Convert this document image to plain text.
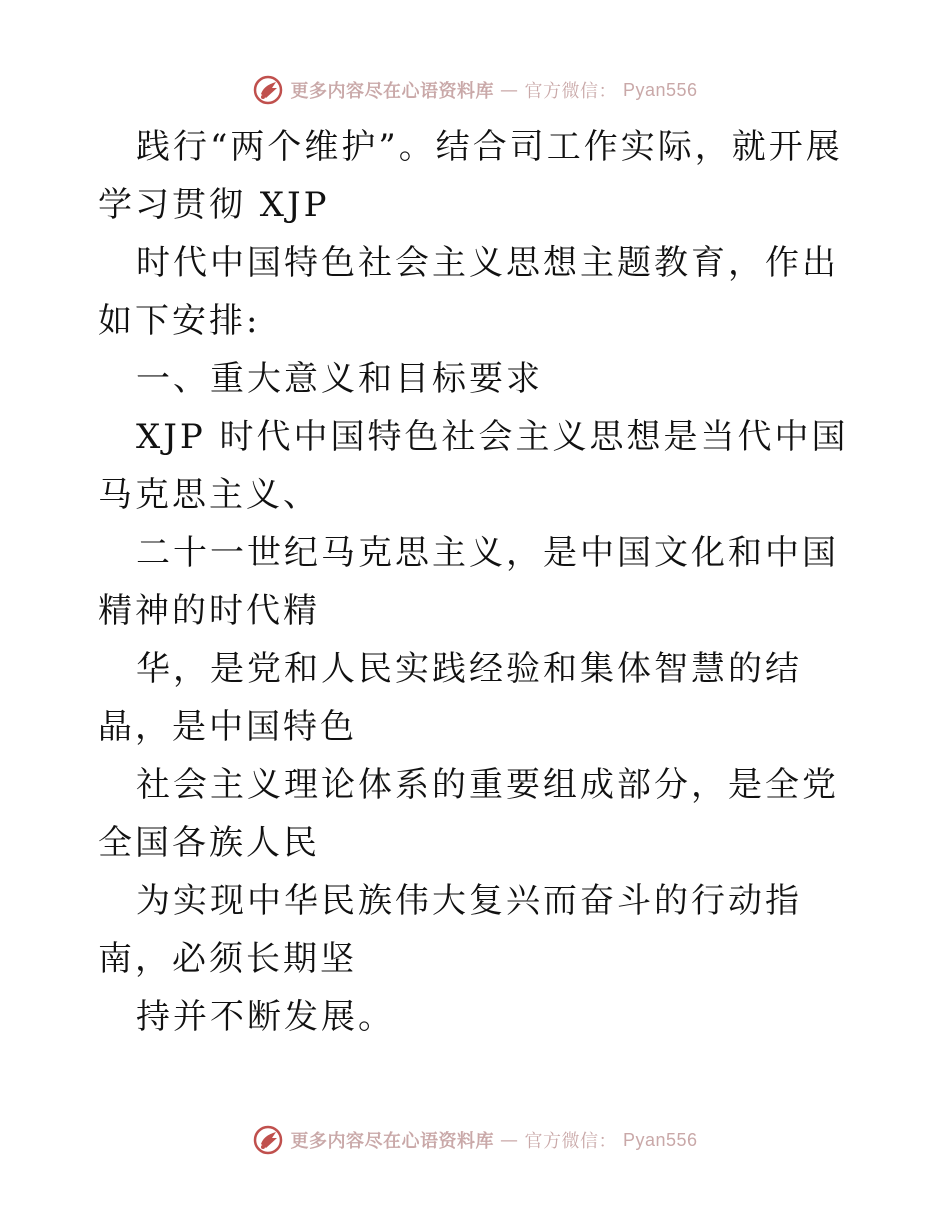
更多内容尽在心语资料库 — 官方微信： Pyan556

践行“两个维护”。结合司工作实际，就开展学习贯彻 XJP

时代中国特色社会主义思想主题教育，作出如下安排:

一、重大意义和目标要求

XJP 时代中国特色社会主义思想是当代中国马克思主义、

二十一世纪马克思主义，是中国文化和中国精神的时代精

华，是党和人民实践经验和集体智慧的结晶，是中国特色

社会主义理论体系的重要组成部分，是全党全国各族人民

为实现中华民族伟大复兴而奋斗的行动指南，必须长期坚

持并不断发展。

更多内容尽在心语资料库 — 官方微信： Pyan556
